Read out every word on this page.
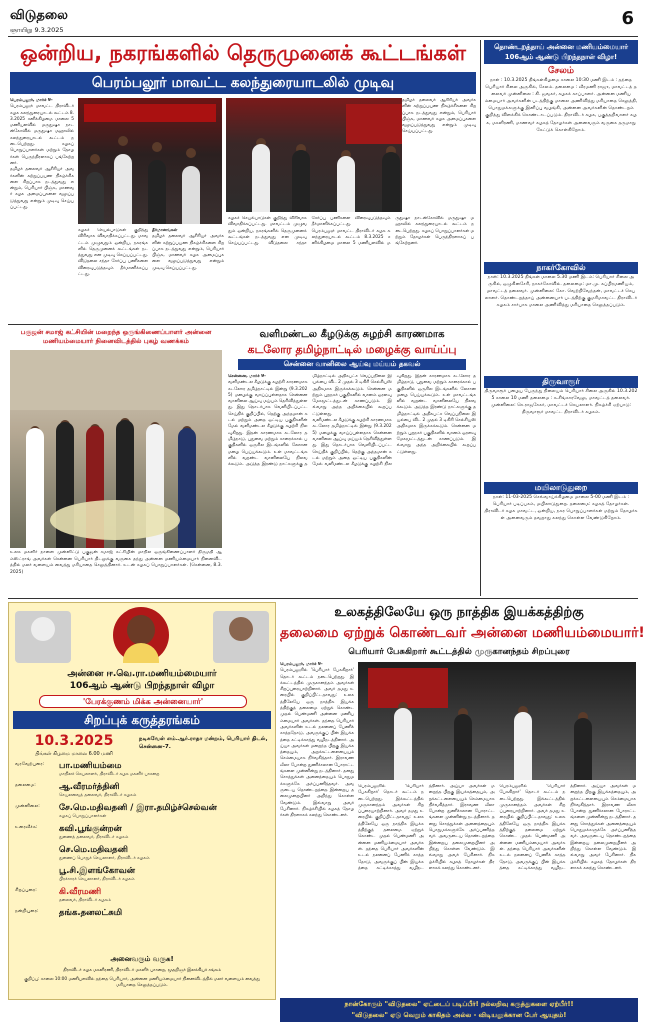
விடுதலை
ஞாயிறு 9.3.2025
6
ஒன்றிய, நகரங்களில் தெருமுனைக் கூட்டங்கள்
பெரம்பலூர் மாவட்ட கலந்துரையாடலில் முடிவு

பெரம்பலூர், மார்ச் 9-

பெரம்பலூர் மாவட்ட திராவிடர் கழக கலந்துரையாடல் கூட்டம் 8.3.2025 சனிக்கிழமை மாலை 5 மணியளவில் மருதுஷா நாடன்கோவில் மருதுஷா மஹாலில் கலந்துரையாடல் கூட்டம் நடைபெற்றது. கழகப் பொறுப்பாளர்கள் மற்றும் தோழர்கள் பெருந்திரளாகப் பங்கேற்றனர்.

தமிழர் தலைவர் ஆசிரியர் அவர்களின் சுற்றுப்பயண நிகழ்ச்சிகளை சிறப்பாக நடத்துவது என்றும், பெரியார் பிஞ்சு, மாணவர் கழக அமைப்புகளை வலுப்படுத்துவது என்றும் முடிவு செய்யப்பட்டது.

கழகச் செயல்பாடுகள் குறித்து விரிவாக விவாதிக்கப்பட்டது. மாவட்டம் முழுவதும் ஒன்றிய, நகரங்களில் தெருமுனைக் கூட்டங்கள் நடத்துவது என முடிவு செய்யப்பட்டது. விடுதலை சந்தா சேர்ப்பு பணிகளை விரைவுபடுத்தவும் தீர்மானிக்கப்பட்டது.

தீர்மானங்கள்

தமிழர் தலைவர் ஆசிரியர் அவர்களின் சுற்றுப்பயண நிகழ்ச்சிகளை சிறப்பாக நடத்துவது என்றும், பெரியார் பிஞ்சு, மாணவர் கழக அமைப்புகளை வலுப்படுத்துவது என்றும் முடிவு செய்யப்பட்டது.

கழகச் செயல்பாடுகள் குறித்து விரிவாக விவாதிக்கப்பட்டது. மாவட்டம் முழுவதும் ஒன்றிய, நகரங்களில் தெருமுனைக் கூட்டங்கள் நடத்துவது என முடிவு செய்யப்பட்டது. விடுதலை சந்தா சேர்ப்பு பணிகளை விரைவுபடுத்தவும் தீர்மானிக்கப்பட்டது.

பெரம்பலூர் மாவட்ட திராவிடர் கழக கலந்துரையாடல் கூட்டம் 8.3.2025 சனிக்கிழமை மாலை 5 மணியளவில் மருதுஷா நாடன்கோவில் மருதுஷா மஹாலில் கலந்துரையாடல் கூட்டம் நடைபெற்றது. கழகப் பொறுப்பாளர்கள் மற்றும் தோழர்கள் பெருந்திரளாகப் பங்கேற்றனர்.

தமிழர் தலைவர் ஆசிரியர் அவர்களின் சுற்றுப்பயண நிகழ்ச்சிகளை சிறப்பாக நடத்துவது என்றும், பெரியார் பிஞ்சு, மாணவர் கழக அமைப்புகளை வலுப்படுத்துவது என்றும் முடிவு செய்யப்பட்டது.

தொண்டறத்தாய் அன்னை மணியம்மையார் 106ஆம் ஆண்டு பிறந்தநாள் விழா!
சேலம்
நாள் : 10.3.2025 திங்கள்கிழமை காலை 10:30 மணி இடம் : தந்தை பெரியார் சிலை அருகில், சேலம். தலைமை : வீரமணி ராஜு, மாவட்டத் தலைவர் முன்னிலை : கி. ஜவகர், கழகக் காப்பாளர். அன்னை மணியம்மையார் அவர்களின் படத்திற்கு மாலை அணிவித்து மரியாதை செலுத்தி, பொதுமக்களுக்கு இனிப்பு வழங்கி, அன்னை அவர்களின் தொண்டறம் குறித்து விளக்கிக் கொண்டாடப்படும். திராவிடர் கழக, பகுத்தறிவாளர் கழக, மகளிரணி, மாணவர் கழகத் தோழர்கள் அனைவரும் வருகை தருமாறு கேட்டுக் கொள்கிறோம்.
நாகர்கோவில்
நாள்: 10.3.2025 திங்கள் மாலை 5.30 மணி இடம்: பெரியார் சிலை அருகில், ஒழுகினசேரி, நாகர்கோவில். தலைமை: மா.மு. சுப்பிரமணியம், மாவட்டத் தலைவர். முன்னிலை: கோ. வெற்றிவேந்தன், மாவட்டச் செயலாளர். தொண்டறத்தாய் அன்னையார் படத்திற்கு குமரிமாவட்ட திராவிடர் கழகம் சார்பாக மாலை அணிவித்து மரியாதை செலுத்தப்படும்.
திருவாரூர்
திருவாரூர் பழைய பேருந்து நிலையம் பெரியார் சிலை அருகில் 10.3.2025 காலை 10 மணி தலைமை : சு.சிங்காரவேலு, மாவட்டத் தலைவர். முன்னிலை: செ.ராஜசேகர், மாவட்டச் செயலாளர். நிகழ்ச்சி ஏற்பாடு: திருவாரூர் மாவட்ட திராவிடர் கழகம்.
மயிலாடுதுறை
நாள்: 11-03-2025 செவ்வாய்க்கிழமை மாலை 5-00 மணி இடம் : பெரியார் படிப்பகம், மயிலாடுதுறை. தலைமை: கழகத் தோழர்கள். திராவிடர் கழக மாவட்ட, ஒன்றிய, நகர பொறுப்பாளர்கள் மற்றும் தோழர்கள் அனைவரும் தவறாது கலந்து கொள்ள வேண்டுகிறோம்.
பகுஜன் சமாஜ் கட்சியின் மறைந்த ஒருங்கிணைப்பாளர் அன்னை மணியம்மையார் நினைவிடத்தில் புகழ் வணக்கம்
உலக மகளிர் நாளை முன்னிட்டு பகுஜன் சமாஜ் கட்சியின் மாநில ஒருங்கிணைப்பாளர் திருமதி ஆம்ஸ்ட்ராங் அவர்கள் சென்னை பெரியார் திடலுக்கு வருகை தந்து அன்னை மணியம்மையார் நினைவிடத்தில் மலர் வளையம் வைத்து மரியாதை செலுத்தினார். உடன் கழகப் பொறுப்பாளர்கள். (சென்னை, 8.3.2025)
வளிமண்டல கீழடுக்கு சுழற்சி காரணமாக
கடலோர தமிழ்நாட்டில் மழைக்கு வாய்ப்பு
சென்னை வானிலை ஆய்வு மய்யம் தகவல்

சென்னை, மார்ச் 9-

வளிமண்டல கீழடுக்கு சுழற்சி காரணமாக கடலோர தமிழ்நாட்டில் இன்று (9.3.2025) மழைக்கு வாய்ப்புள்ளதாக சென்னை வானிலை ஆய்வு மய்யம் தெரிவித்துள்ளது. இது தொடர்பாக வெளியிடப்பட்ட செய்திக் குறிப்பில், தெற்கு அந்தமான் கடல் மற்றும் அதை ஒட்டிய பகுதிகளின் மேல் வளிமண்டல கீழடுக்கு சுழற்சி நிலவுகிறது. இதன் காரணமாக கடலோர தமிழ்நாடு, புதுவை மற்றும் காரைக்கால் பகுதிகளில் ஒருசில இடங்களில் லேசான மழை பெய்யக்கூடும். உள் மாவட்டங்களில் வறண்ட வானிலையே நிலவக்கூடும். அடுத்த இரண்டு நாட்களுக்கு தமிழ்நாட்டில் அதிகபட்ச வெப்பநிலை இயல்பை விட 2 முதல் 3 டிகிரி செல்சியஸ் அதிகமாக இருக்கக்கூடும். சென்னை மற்றும் புறநகர் பகுதிகளில் வானம் ஓரளவு மேகமூட்டத்துடன் காணப்படும். இவ்வாறு அந்த அறிக்கையில் கூறப்பட்டுள்ளது.

வளிமண்டல கீழடுக்கு சுழற்சி காரணமாக கடலோர தமிழ்நாட்டில் இன்று (9.3.2025) மழைக்கு வாய்ப்புள்ளதாக சென்னை வானிலை ஆய்வு மய்யம் தெரிவித்துள்ளது. இது தொடர்பாக வெளியிடப்பட்ட செய்திக் குறிப்பில், தெற்கு அந்தமான் கடல் மற்றும் அதை ஒட்டிய பகுதிகளின் மேல் வளிமண்டல கீழடுக்கு சுழற்சி நிலவுகிறது. இதன் காரணமாக கடலோர தமிழ்நாடு, புதுவை மற்றும் காரைக்கால் பகுதிகளில் ஒருசில இடங்களில் லேசான மழை பெய்யக்கூடும். உள் மாவட்டங்களில் வறண்ட வானிலையே நிலவக்கூடும். அடுத்த இரண்டு நாட்களுக்கு தமிழ்நாட்டில் அதிகபட்ச வெப்பநிலை இயல்பை விட 2 முதல் 3 டிகிரி செல்சியஸ் அதிகமாக இருக்கக்கூடும். சென்னை மற்றும் புறநகர் பகுதிகளில் வானம் ஓரளவு மேகமூட்டத்துடன் காணப்படும். இவ்வாறு அந்த அறிக்கையில் கூறப்பட்டுள்ளது.

அன்னை ஈ.வெ.ரா.மணியம்மையார்
106ஆம் ஆண்டு பிறந்தநாள் விழா
'பேரக்குணம் மிக்க அன்னையார்'
சிறப்புக் கருத்தரங்கம்
10.3.2025
திங்கள் கிழமை மாலை 6.00 மணி
நடிகவேள் எம்.ஆர்.ராதா மன்றம், பெரியார் திடல், சென்னை-7.
வரவேற்புரை:	பா.மணியம்மை
மாநிலச் செயலாளர், திராவிடர் கழக மகளிர் பாசறை
தலைமை:	ஆ.வீரமர்த்தினி
செயலவைத் தலைவர், திராவிடர் கழகம்
முன்னிலை:	சே.மெ.மதிவதனி / இரா.தமிழ்ச்செல்வன்
கழகப் பொறுப்பாளர்கள்
உரைவீச்சு:	கவி.பூங்குன்றன்
துணைத் தலைவர், திராவிடர் கழகம்
செ.மெ.மதிவதனி
துணைப் பொதுச் செயலாளர், திராவிடர் கழகம்
பூ.சி.இளங்கோவன்
பிரச்சாரச் செயலாளர், திராவிடர் கழகம்
சிறப்புரை:	கி.வீரமணி
தலைவர், திராவிடர் கழகம்
நன்றியுரை:	தங்க.தனலட்சுமி
அனைவரும் வருக!
திராவிடர் கழக மகளிரணி, திராவிடர் மகளிர் பாசறை, மூதறிஞர் இலக்கியச் சங்கம்
குறிப்பு: காலை 10:00 மணியளவில் தந்தை பெரியார், அன்னை மணியம்மையார் நினைவிடத்தில் மலர் வளையம் வைத்து மரியாதை செலுத்தப்படும்.
உலகத்திலேயே ஒரு நாத்திக இயக்கத்திற்கு
தலைமை ஏற்றுக் கொண்டவர் அன்னை மணியம்மையார்!
பெரியார் பேசுகிறார் கூட்டத்தில் முருகானந்தம் சிறப்புரை

பெரம்பலூர், மார்ச் 9-

பெரம்பலூரில் 'பெரியார் பேசுகிறார்' தொடர் கூட்டம் நடைபெற்றது. இக்கூட்டத்தில் முருகானந்தம் அவர்கள் சிறப்புரையாற்றினார். அவர் தமது உரையில் குறிப்பிட்டதாவது: உலகத்திலேயே ஒரு நாத்திக இயக்கத்திற்குத் தலைமை ஏற்றுக் கொண்ட முதல் பெண்மணி அன்னை மணியம்மையார் அவர்கள். தந்தை பெரியார் அவர்களின் உடல் நலனைப் பேணிக் காத்ததோடு, அவருக்குப் பின் இயக்கத்தை கட்டிக்காத்து வழிநடத்தினார். அய்யா அவர்கள் மறைந்த பிறகு இயக்கத்தையும், அறக்கட்டளையையும் செம்மையாக நிர்வகித்தார். இராவண லீலா போன்ற துணிச்சலான போராட்டங்களை முன்னின்று நடத்தினார். தனது சொத்துக்கள் அனைத்தையும் பொதுமக்களுக்கே அர்ப்பணித்தவர். அவருடைய தொண்டறத்தை இன்றைய தலைமுறையினர் அறிந்து கொள்ள வேண்டும். இவ்வாறு அவர் பேசினார். நிகழ்ச்சியில் கழகத் தோழர்கள் திரளாகக் கலந்து கொண்டனர்.

பெரம்பலூரில் 'பெரியார் பேசுகிறார்' தொடர் கூட்டம் நடைபெற்றது. இக்கூட்டத்தில் முருகானந்தம் அவர்கள் சிறப்புரையாற்றினார். அவர் தமது உரையில் குறிப்பிட்டதாவது: உலகத்திலேயே ஒரு நாத்திக இயக்கத்திற்குத் தலைமை ஏற்றுக் கொண்ட முதல் பெண்மணி அன்னை மணியம்மையார் அவர்கள். தந்தை பெரியார் அவர்களின் உடல் நலனைப் பேணிக் காத்ததோடு, அவருக்குப் பின் இயக்கத்தை கட்டிக்காத்து வழிநடத்தினார். அய்யா அவர்கள் மறைந்த பிறகு இயக்கத்தையும், அறக்கட்டளையையும் செம்மையாக நிர்வகித்தார். இராவண லீலா போன்ற துணிச்சலான போராட்டங்களை முன்னின்று நடத்தினார். தனது சொத்துக்கள் அனைத்தையும் பொதுமக்களுக்கே அர்ப்பணித்தவர். அவருடைய தொண்டறத்தை இன்றைய தலைமுறையினர் அறிந்து கொள்ள வேண்டும். இவ்வாறு அவர் பேசினார். நிகழ்ச்சியில் கழகத் தோழர்கள் திரளாகக் கலந்து கொண்டனர்.

பெரம்பலூரில் 'பெரியார் பேசுகிறார்' தொடர் கூட்டம் நடைபெற்றது. இக்கூட்டத்தில் முருகானந்தம் அவர்கள் சிறப்புரையாற்றினார். அவர் தமது உரையில் குறிப்பிட்டதாவது: உலகத்திலேயே ஒரு நாத்திக இயக்கத்திற்குத் தலைமை ஏற்றுக் கொண்ட முதல் பெண்மணி அன்னை மணியம்மையார் அவர்கள். தந்தை பெரியார் அவர்களின் உடல் நலனைப் பேணிக் காத்ததோடு, அவருக்குப் பின் இயக்கத்தை கட்டிக்காத்து வழிநடத்தினார். அய்யா அவர்கள் மறைந்த பிறகு இயக்கத்தையும், அறக்கட்டளையையும் செம்மையாக நிர்வகித்தார். இராவண லீலா போன்ற துணிச்சலான போராட்டங்களை முன்னின்று நடத்தினார். தனது சொத்துக்கள் அனைத்தையும் பொதுமக்களுக்கே அர்ப்பணித்தவர். அவருடைய தொண்டறத்தை இன்றைய தலைமுறையினர் அறிந்து கொள்ள வேண்டும். இவ்வாறு அவர் பேசினார். நிகழ்ச்சியில் கழகத் தோழர்கள் திரளாகக் கலந்து கொண்டனர்.

நான்கோரும் "விடுதலை" ஏட்டைப் படிப்பீர்! நல்லறிவு கருத்துகளை ஏற்பீர்!!
"விடுதலை" ஏடு வெறும் காகிதம் அல்ல - விடியலுக்கான பேர் ஆயுதம்!
